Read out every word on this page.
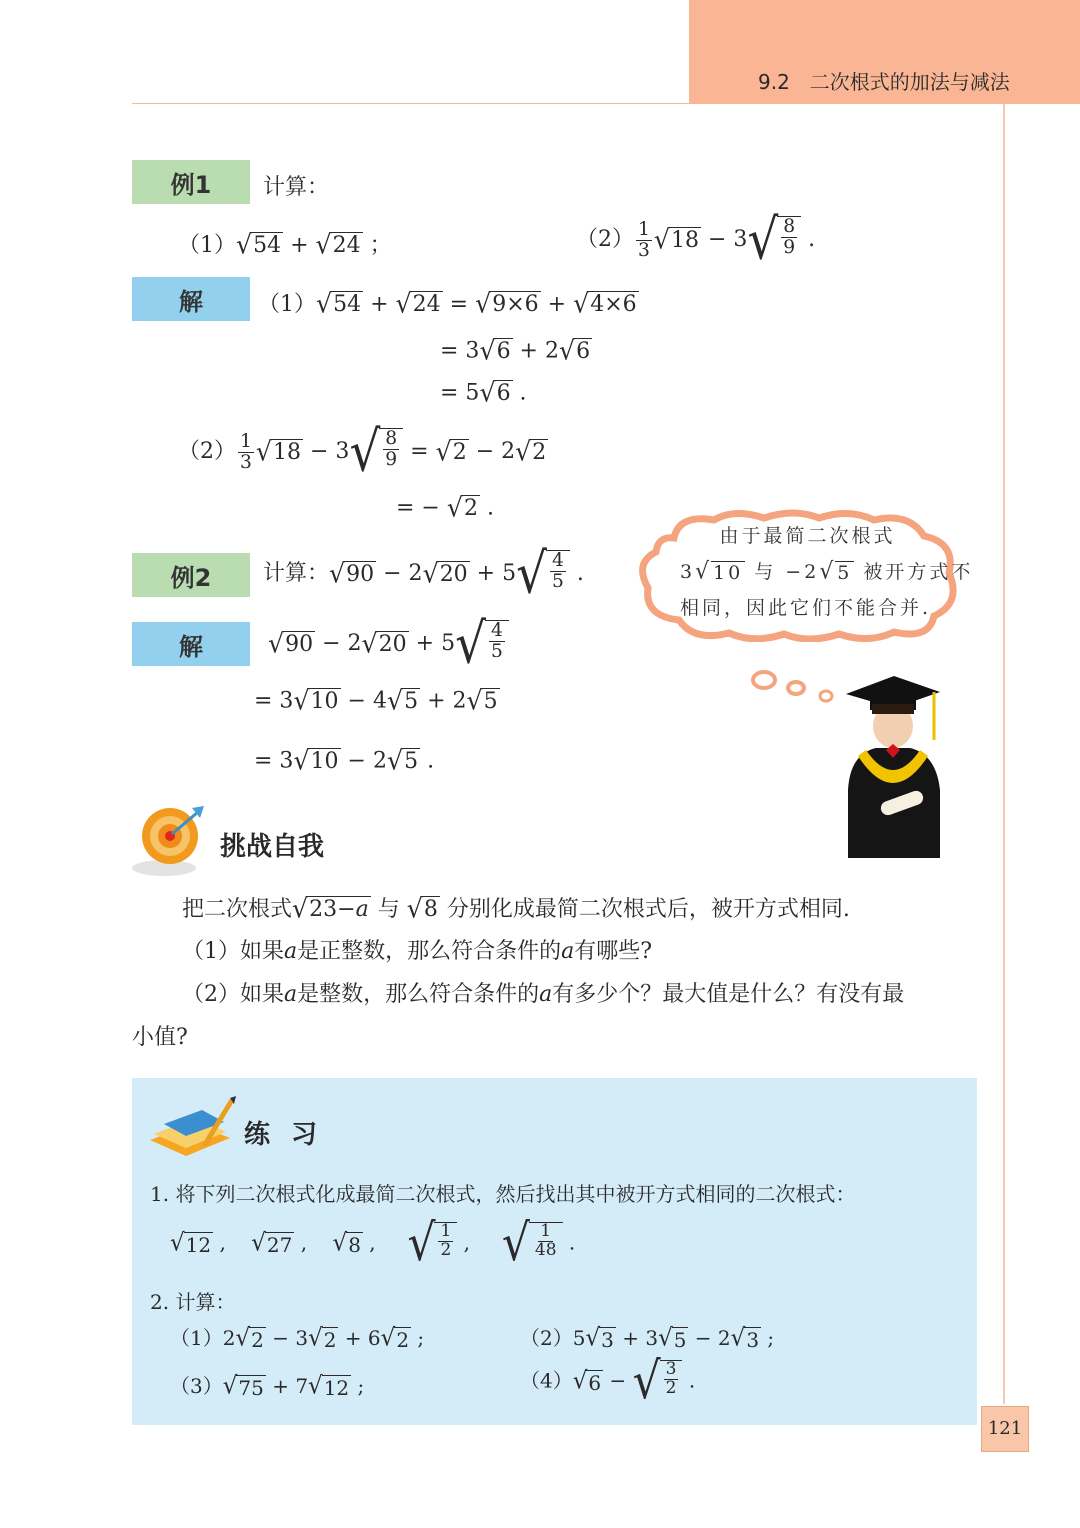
9.2　二次根式的加法与减法
例1	计算：
（1） √ 54 + √ 24 ；	$(2) \frac{1}{3}$ √ 18 − 3 √ $\frac{8}{9}$ .
解	（1） √ 54 + √ 24 = √ 9×6 + √ 4×6
= 3 √ 6 + 2 √ 6
= 5 √ 6 .
$(2) \frac{1}{3}$ √ 18 − 3 √ $\frac{8}{9}$ = √ 2 − 2 √ 2
= − √ 2 .
例2	计算： √ 90 − 2 √ 20 + 5 √ $\frac{4}{5}$ .
解	√ 90 − 2 √ 20 + 5 √ $\frac{4}{5}$
= 3 √ 10 − 4 √ 5 + 2 √ 5
= 3 √ 10 − 2 √ 5 .
由于最简二次根式
3 √ 10 与 −2 √ 5 被开方式不
相同，因此它们不能合并.
挑战自我
把二次根式 √ 23−a 与 √ 8 分别化成最简二次根式后，被开方式相同.
（1）如果a是正整数，那么符合条件的a有哪些?
（2）如果a是整数，那么符合条件的a有多少个？最大值是什么？有没有最
小值?
练 习
1. 将下列二次根式化成最简二次根式，然后找出其中被开方式相同的二次根式：
√ 12 , √ 27 , √ 8 , √ $\frac{1}{2}$ , √ $\frac{1}{48}$ .
2. 计算：
（1）2 √ 2 − 3 √ 2 + 6 √ 2 ;	（2）5 √ 3 + 3 √ 5 − 2 √ 3 ;
（3） √ 75 + 7 √ 12 ;	（4） √ 6 − √ $\frac{3}{2}$ .
121
